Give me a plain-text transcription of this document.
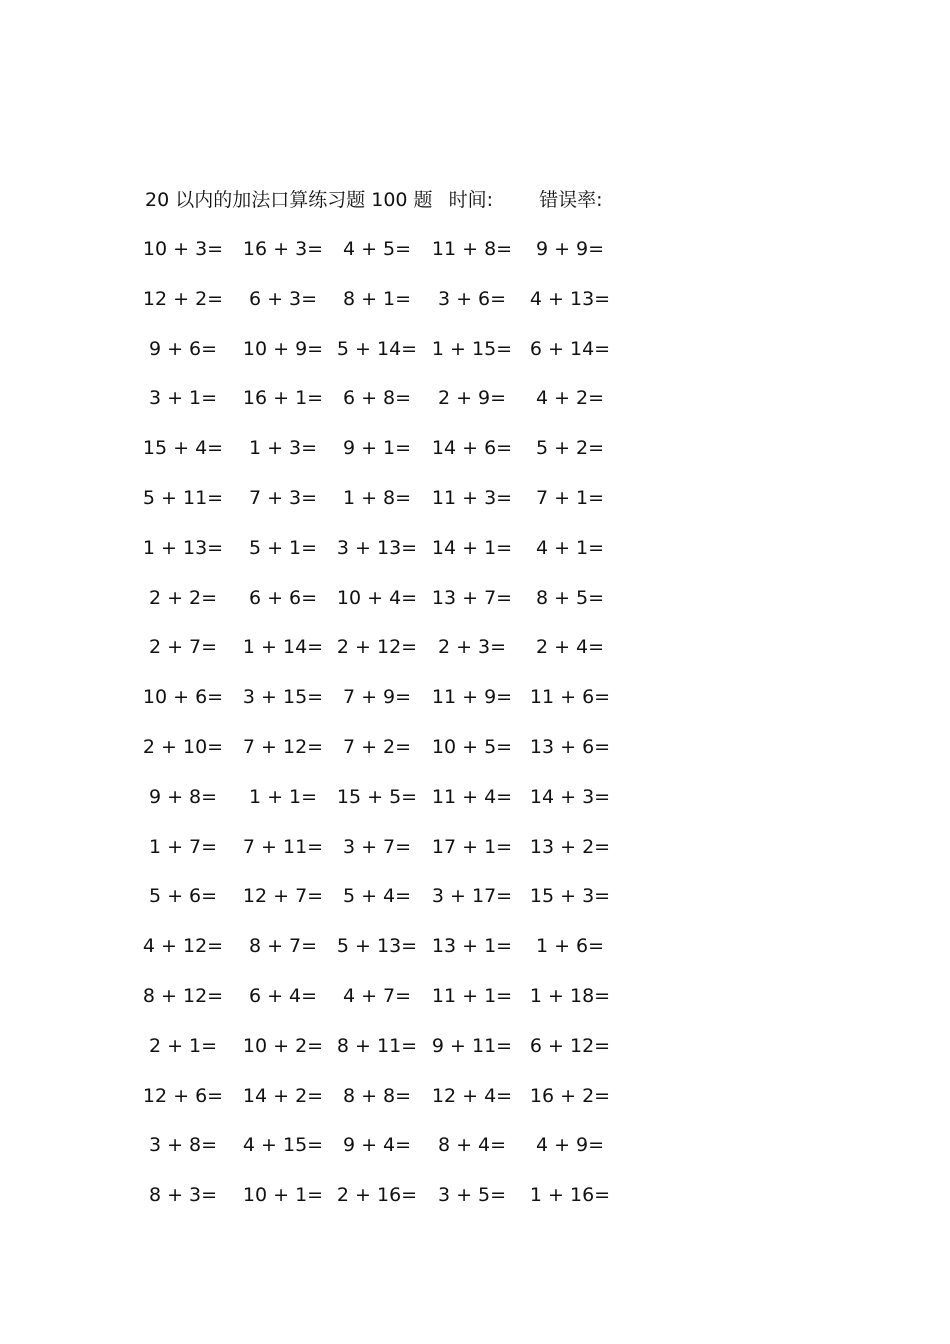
20 以内的加法口算练习题 100 题 时间: 错误率:
10 + 3= 16 + 3= 4 + 5= 11 + 8= 9 + 9=
12 + 2= 6 + 3= 8 + 1= 3 + 6= 4 + 13=
9 + 6= 10 + 9= 5 + 14= 1 + 15= 6 + 14=
3 + 1= 16 + 1= 6 + 8= 2 + 9= 4 + 2=
15 + 4= 1 + 3= 9 + 1= 14 + 6= 5 + 2=
5 + 11= 7 + 3= 1 + 8= 11 + 3= 7 + 1=
1 + 13= 5 + 1= 3 + 13= 14 + 1= 4 + 1=
2 + 2= 6 + 6= 10 + 4= 13 + 7= 8 + 5=
2 + 7= 1 + 14= 2 + 12= 2 + 3= 2 + 4=
10 + 6= 3 + 15= 7 + 9= 11 + 9= 11 + 6=
2 + 10= 7 + 12= 7 + 2= 10 + 5= 13 + 6=
9 + 8= 1 + 1= 15 + 5= 11 + 4= 14 + 3=
1 + 7= 7 + 11= 3 + 7= 17 + 1= 13 + 2=
5 + 6= 12 + 7= 5 + 4= 3 + 17= 15 + 3=
4 + 12= 8 + 7= 5 + 13= 13 + 1= 1 + 6=
8 + 12= 6 + 4= 4 + 7= 11 + 1= 1 + 18=
2 + 1= 10 + 2= 8 + 11= 9 + 11= 6 + 12=
12 + 6= 14 + 2= 8 + 8= 12 + 4= 16 + 2=
3 + 8= 4 + 15= 9 + 4= 8 + 4= 4 + 9=
8 + 3= 10 + 1= 2 + 16= 3 + 5= 1 + 16=
